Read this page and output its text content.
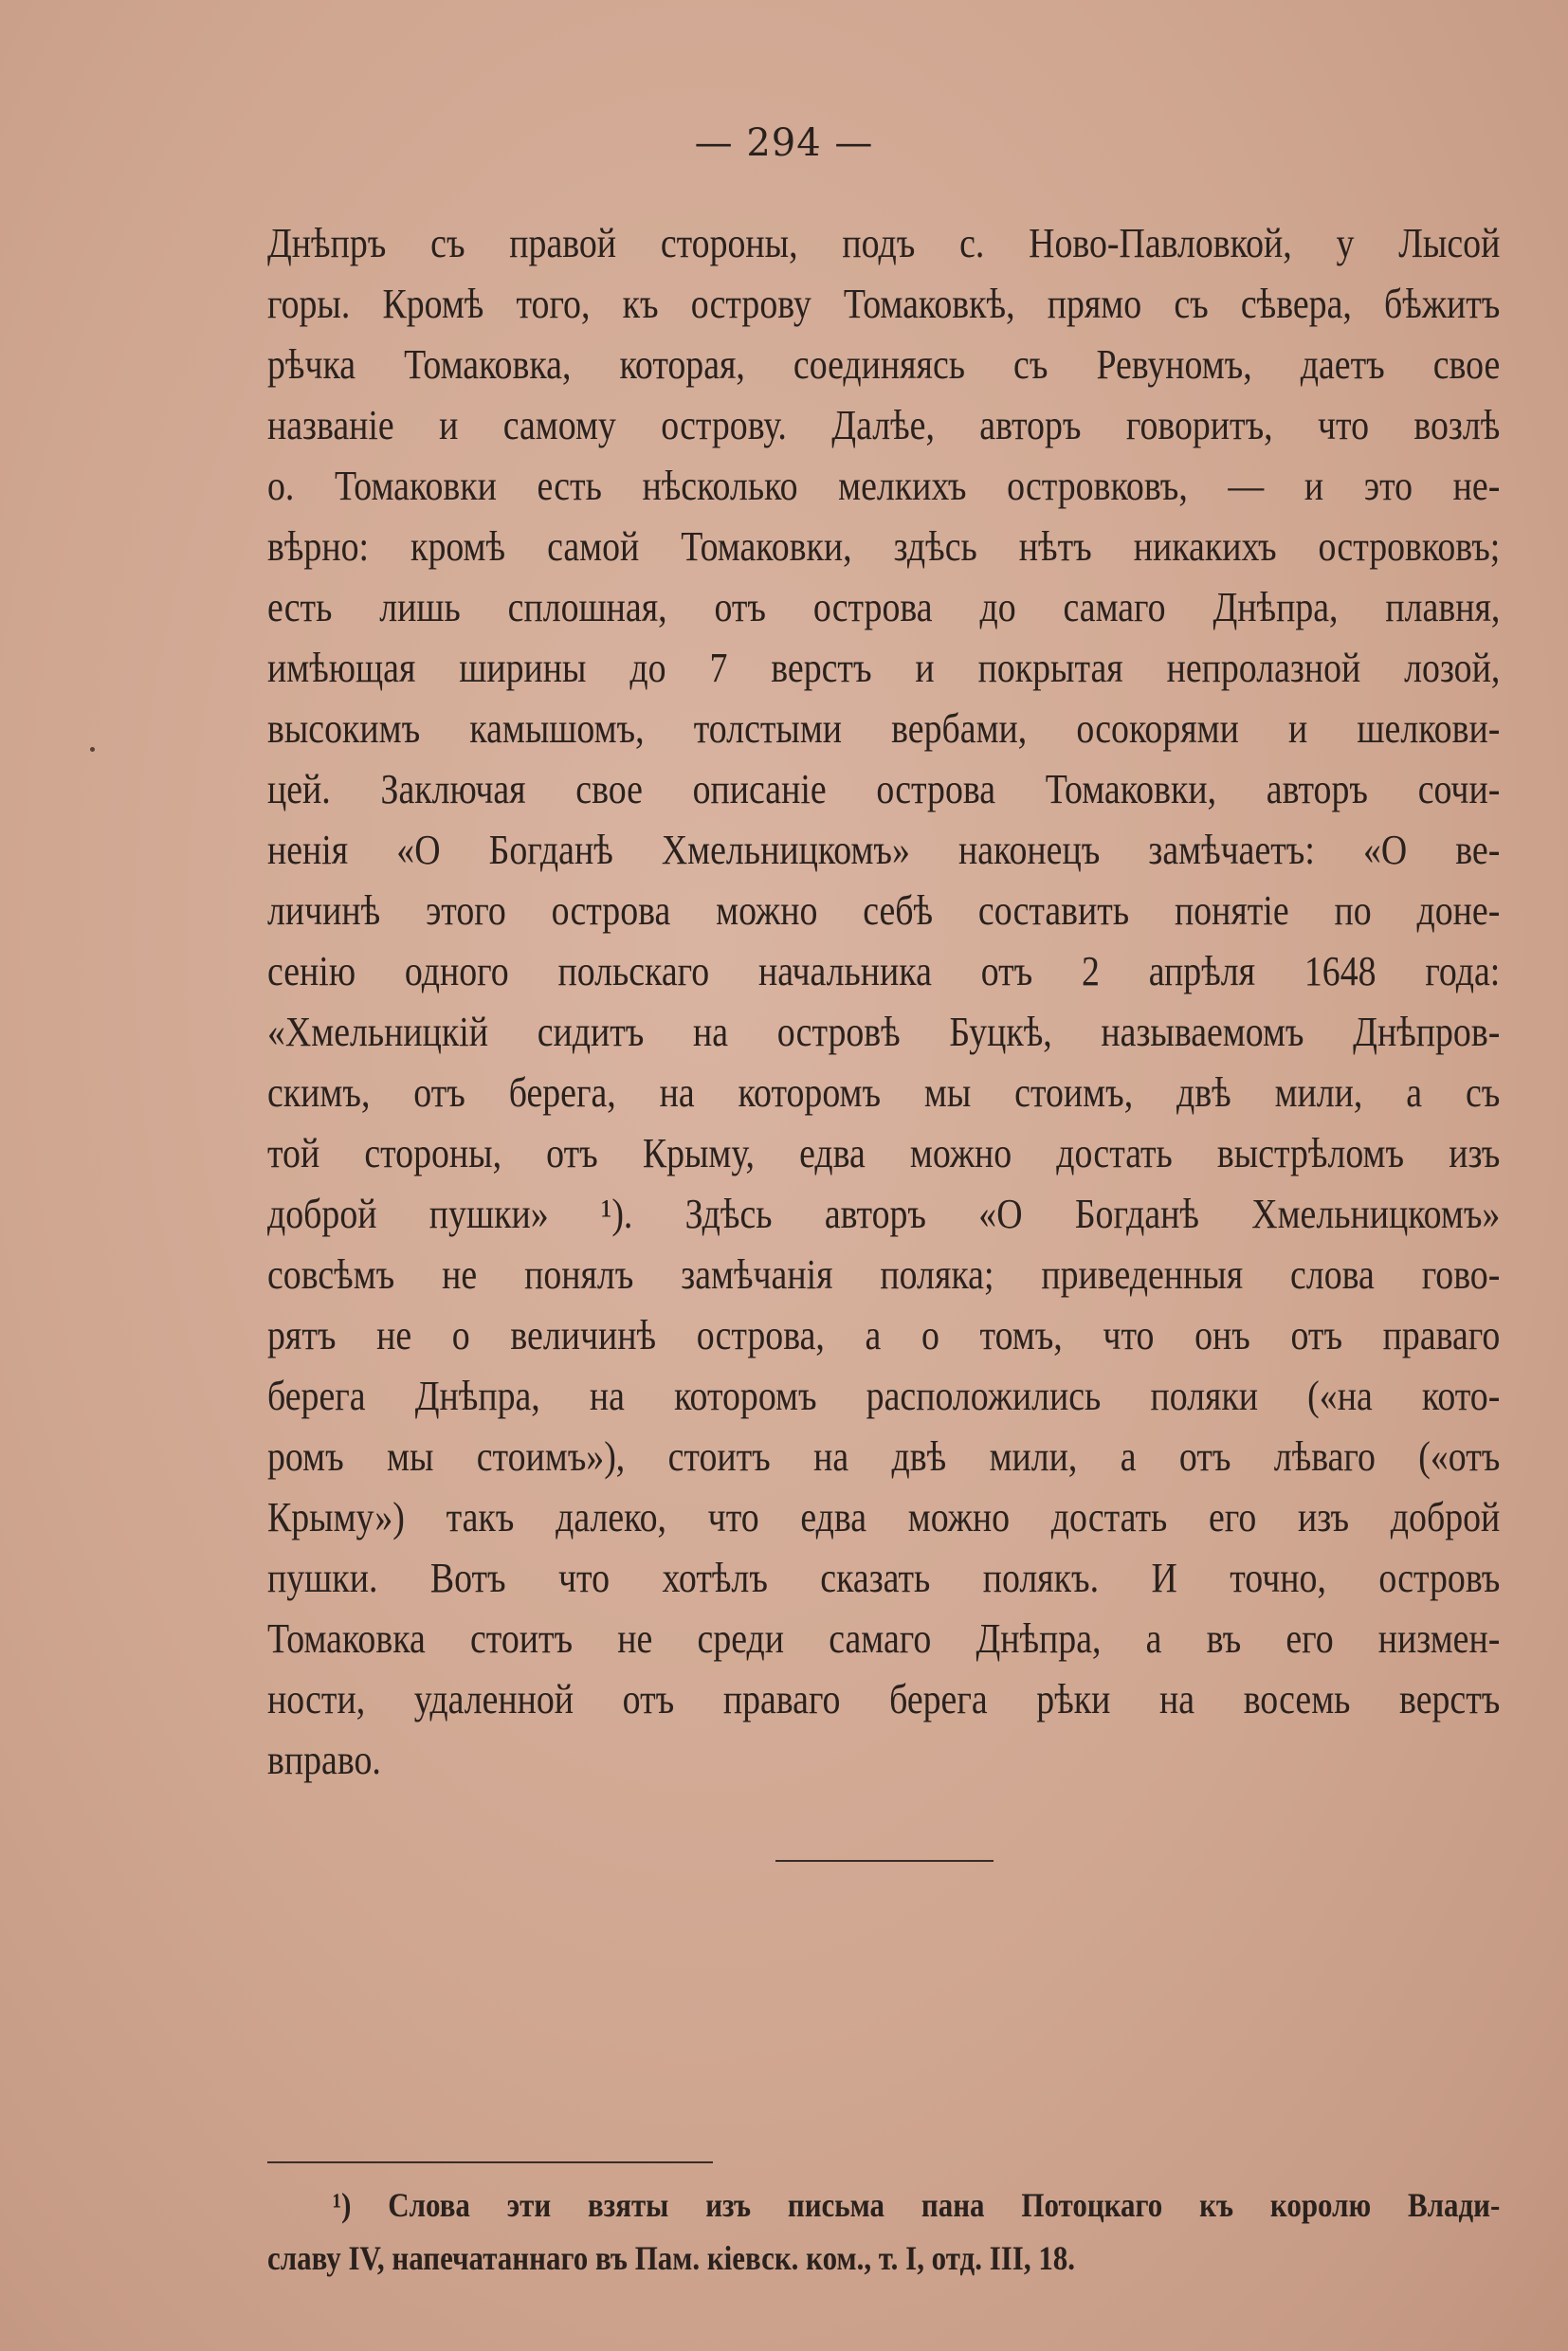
— 294 —
Днѣпръ съ правой стороны, подъ с. Ново-Павловкой, у Лысой
горы. Кромѣ того, къ острову Томаковкѣ, прямо съ сѣвера, бѣжитъ
рѣчка Томаковка, которая, соединяясь съ Ревуномъ, даетъ свое
названіе и самому острову. Далѣе, авторъ говоритъ, что возлѣ
о. Томаковки есть нѣсколько мелкихъ островковъ, — и это не-
вѣрно: кромѣ самой Томаковки, здѣсь нѣтъ никакихъ островковъ;
есть лишь сплошная, отъ острова до самаго Днѣпра, плавня,
имѣющая ширины до 7 верстъ и покрытая непролазной лозой,
высокимъ камышомъ, толстыми вербами, осокорями и шелкови-
цей. Заключая свое описаніе острова Томаковки, авторъ сочи-
ненія «О Богданѣ Хмельницкомъ» наконецъ замѣчаетъ: «О ве-
личинѣ этого острова можно себѣ составить понятіе по доне-
сенію одного польскаго начальника отъ 2 апрѣля 1648 года:
«Хмельницкій сидитъ на островѣ Буцкѣ, называемомъ Днѣпров-
скимъ, отъ берега, на которомъ мы стоимъ, двѣ мили, а съ
той стороны, отъ Крыму, едва можно достать выстрѣломъ изъ
доброй пушки» ¹). Здѣсь авторъ «О Богданѣ Хмельницкомъ»
совсѣмъ не понялъ замѣчанія поляка; приведенныя слова гово-
рятъ не о величинѣ острова, а о томъ, что онъ отъ праваго
берега Днѣпра, на которомъ расположились поляки («на кото-
ромъ мы стоимъ»), стоитъ на двѣ мили, а отъ лѣваго («отъ
Крыму») такъ далеко, что едва можно достать его изъ доброй
пушки. Вотъ что хотѣлъ сказать полякъ. И точно, островъ
Томаковка стоитъ не среди самаго Днѣпра, а въ его низмен-
ности, удаленной отъ праваго берега рѣки на восемь верстъ
вправо.
¹) Слова эти взяты изъ письма пана Потоцкаго къ королю Влади-
славу IV, напечатаннаго въ Пам. кіевск. ком., т. I, отд. III, 18.
